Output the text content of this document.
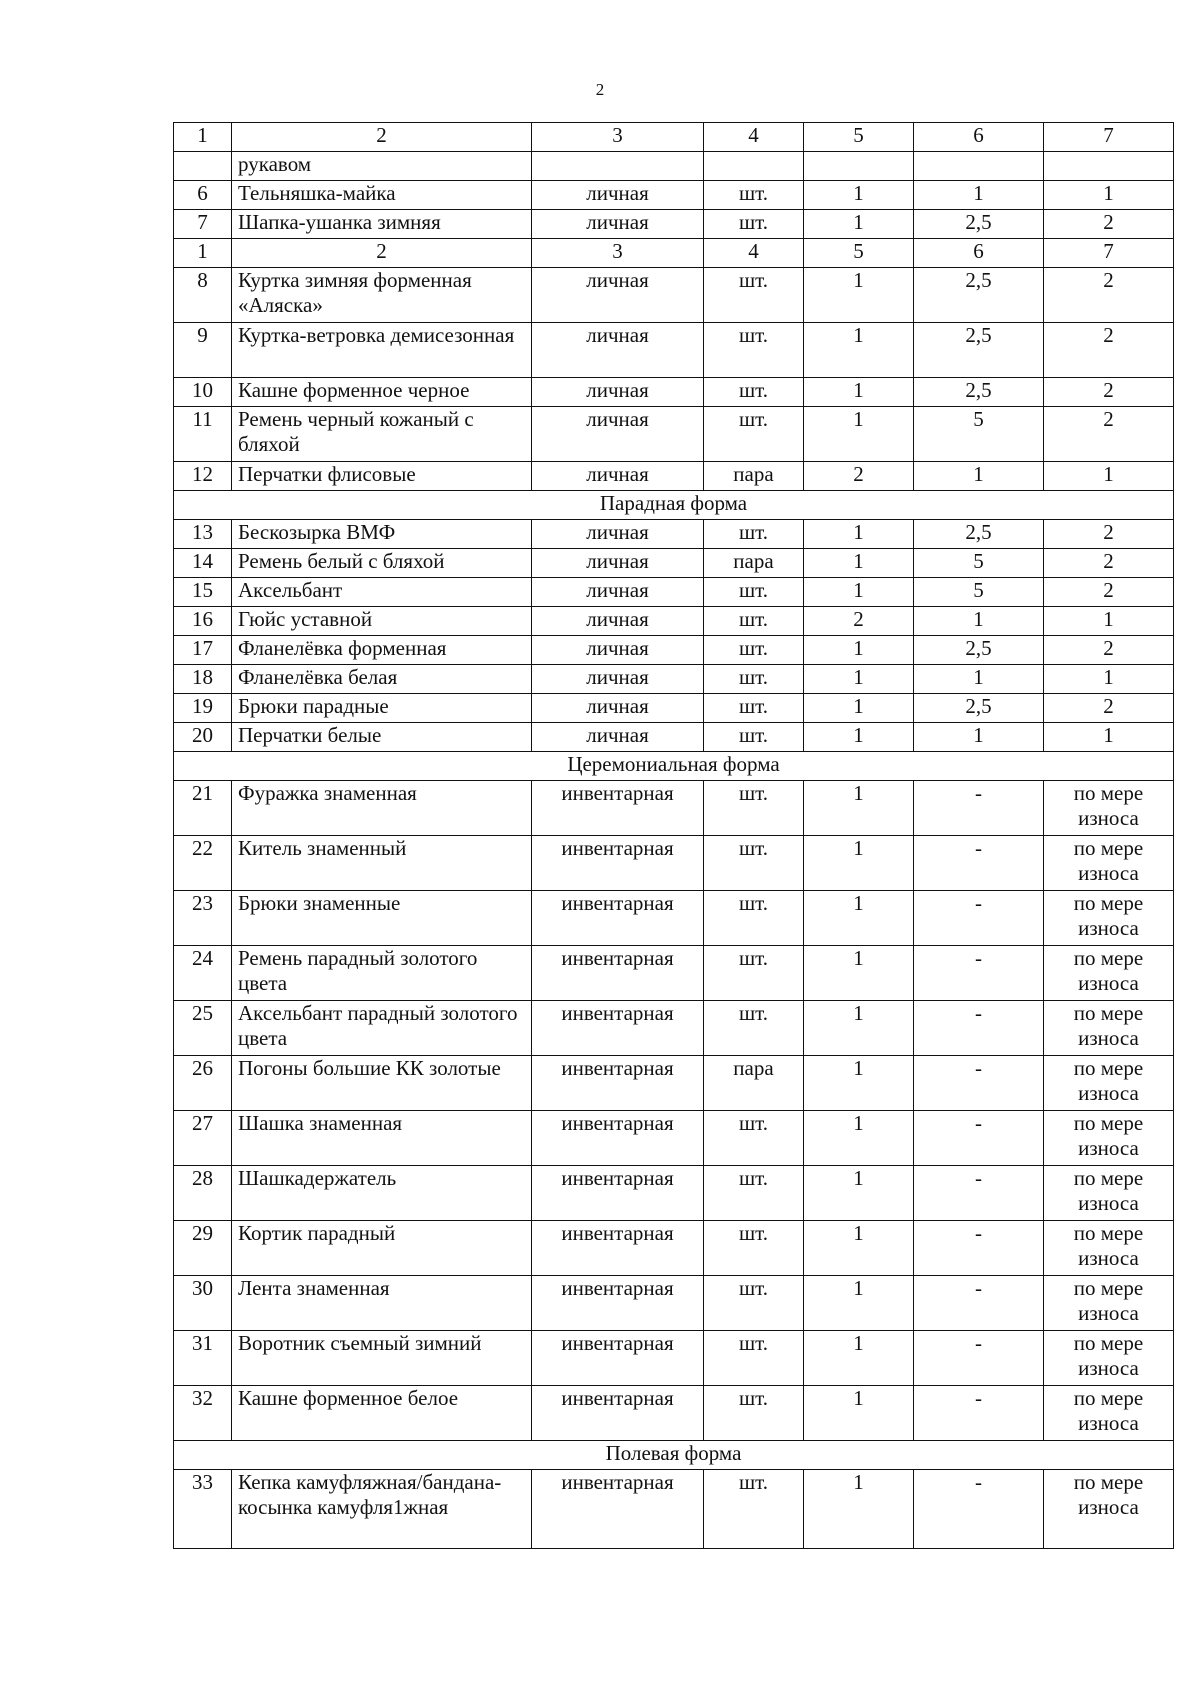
2
1	2	3	4	5	6	7
	рукавом					
6	Тельняшка-майка	личная	шт.	1	1	1
7	Шапка-ушанка зимняя	личная	шт.	1	2,5	2
1	2	3	4	5	6	7
8	Куртка зимняя форменная «Аляска»	личная	шт.	1	2,5	2
9	Куртка-ветровка демисезонная	личная	шт.	1	2,5	2
10	Кашне форменное черное	личная	шт.	1	2,5	2
11	Ремень черный кожаный с бляхой	личная	шт.	1	5	2
12	Перчатки флисовые	личная	пара	2	1	1
Парадная форма						
13	Бескозырка ВМФ	личная	шт.	1	2,5	2
14	Ремень белый с бляхой	личная	пара	1	5	2
15	Аксельбант	личная	шт.	1	5	2
16	Гюйс уставной	личная	шт.	2	1	1
17	Фланелёвка форменная	личная	шт.	1	2,5	2
18	Фланелёвка белая	личная	шт.	1	1	1
19	Брюки парадные	личная	шт.	1	2,5	2
20	Перчатки белые	личная	шт.	1	1	1
Церемониальная форма						
21	Фуражка знаменная	инвентарная	шт.	1	-	по мере износа
22	Китель знаменный	инвентарная	шт.	1	-	по мере износа
23	Брюки знаменные	инвентарная	шт.	1	-	по мере износа
24	Ремень парадный золотого цвета	инвентарная	шт.	1	-	по мере износа
25	Аксельбант парадный золотого цвета	инвентарная	шт.	1	-	по мере износа
26	Погоны большие КК золотые	инвентарная	пара	1	-	по мере износа
27	Шашка знаменная	инвентарная	шт.	1	-	по мере износа
28	Шашкадержатель	инвентарная	шт.	1	-	по мере износа
29	Кортик парадный	инвентарная	шт.	1	-	по мере износа
30	Лента знаменная	инвентарная	шт.	1	-	по мере износа
31	Воротник съемный зимний	инвентарная	шт.	1	-	по мере износа
32	Кашне форменное белое	инвентарная	шт.	1	-	по мере износа
Полевая форма						
33	Кепка камуфляжная/бандана-косынка камуфля1жная	инвентарная	шт.	1	-	по мере износа
